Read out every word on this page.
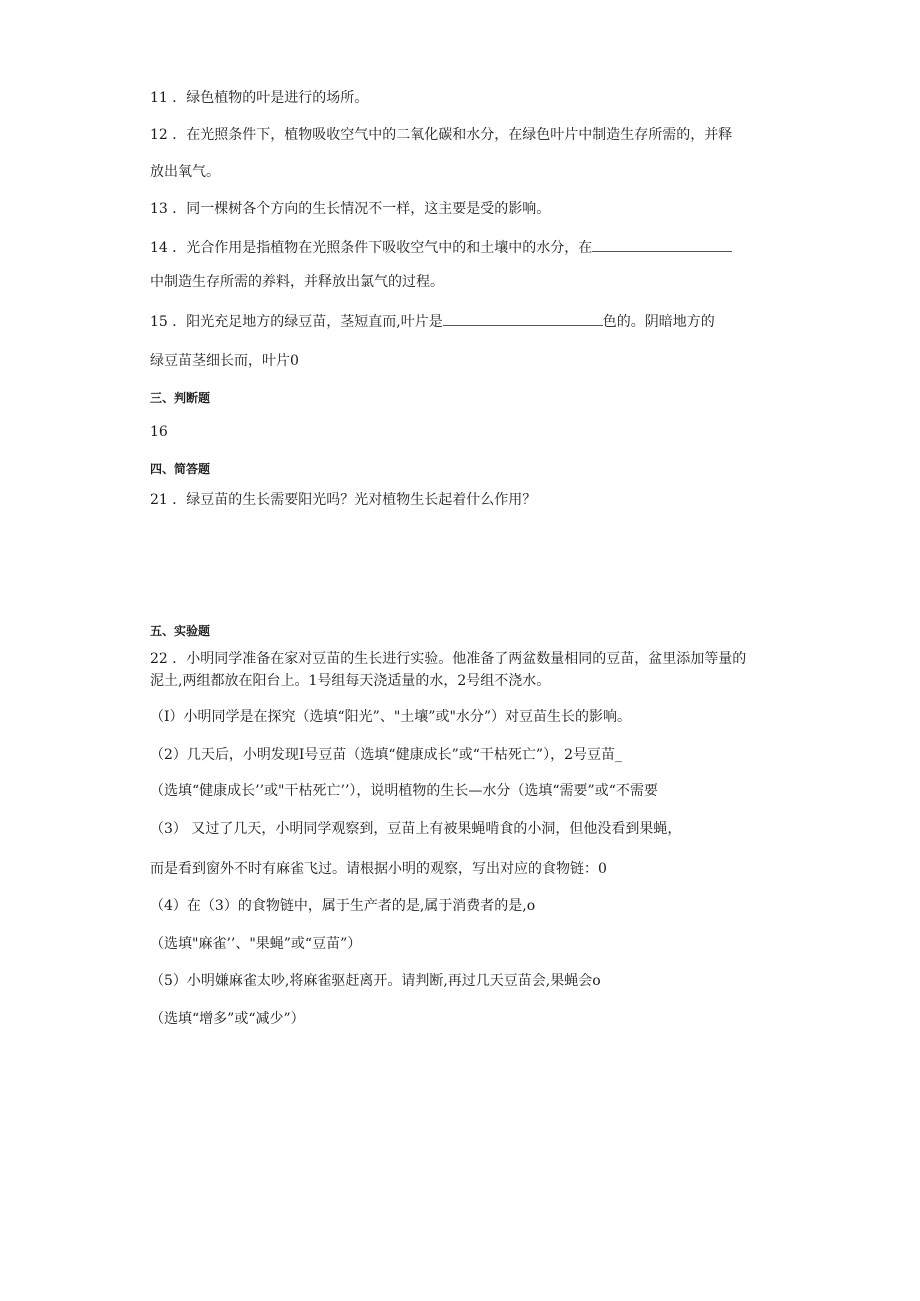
11 ．绿色植物的叶是进行的场所。
12 ．在光照条件下，植物吸收空气中的二氧化碳和水分，在绿色叶片中制造生存所需的，并释
放出氧气。
13 ．同一棵树各个方向的生长情况不一样，这主要是受的影响。
14 ．光合作用是指植物在光照条件下吸收空气中的和土壤中的水分，在
中制造生存所需的养料，并释放出氯气的过程。
15 ．阳光充足地方的绿豆苗，茎短直而,叶片是	色的。阴暗地方的
绿豆苗茎细长而，叶片0
三、判断题
16
四、简答题
21 ．绿豆苗的生长需要阳光吗？光对植物生长起着什么作用？
五、实验题
22 ．小明同学准备在家对豆苗的生长进行实验。他准备了两盆数量相同的豆苗，盆里添加等量的
泥土,两组都放在阳台上。1号组每天浇适量的水，2号组不浇水。
（I）小明同学是在探究（选填“阳光”、"土壤”或"水分”）对豆苗生长的影响。
（2）几天后，小明发现I号豆苗（选填“健康成长”或“干枯死亡”），2号豆苗_
（选填“健康成长’’或"干枯死亡’’），说明植物的生长—水分（选填“需要”或“不需要
（3） 又过了几天，小明同学观察到，豆苗上有被果蝇啃食的小洞，但他没看到果蝇，
而是看到窗外不时有麻雀飞过。请根据小明的观察，写出对应的食物链：0
（4）在（3）的食物链中，属于生产者的是,属于消费者的是,o
（选填"麻雀’’、"果蝇”或“豆苗”）
（5）小明嫌麻雀太吵,将麻雀驱赶离开。请判断,再过几天豆苗会,果蝇会o
（选填“增多”或“减少”）
